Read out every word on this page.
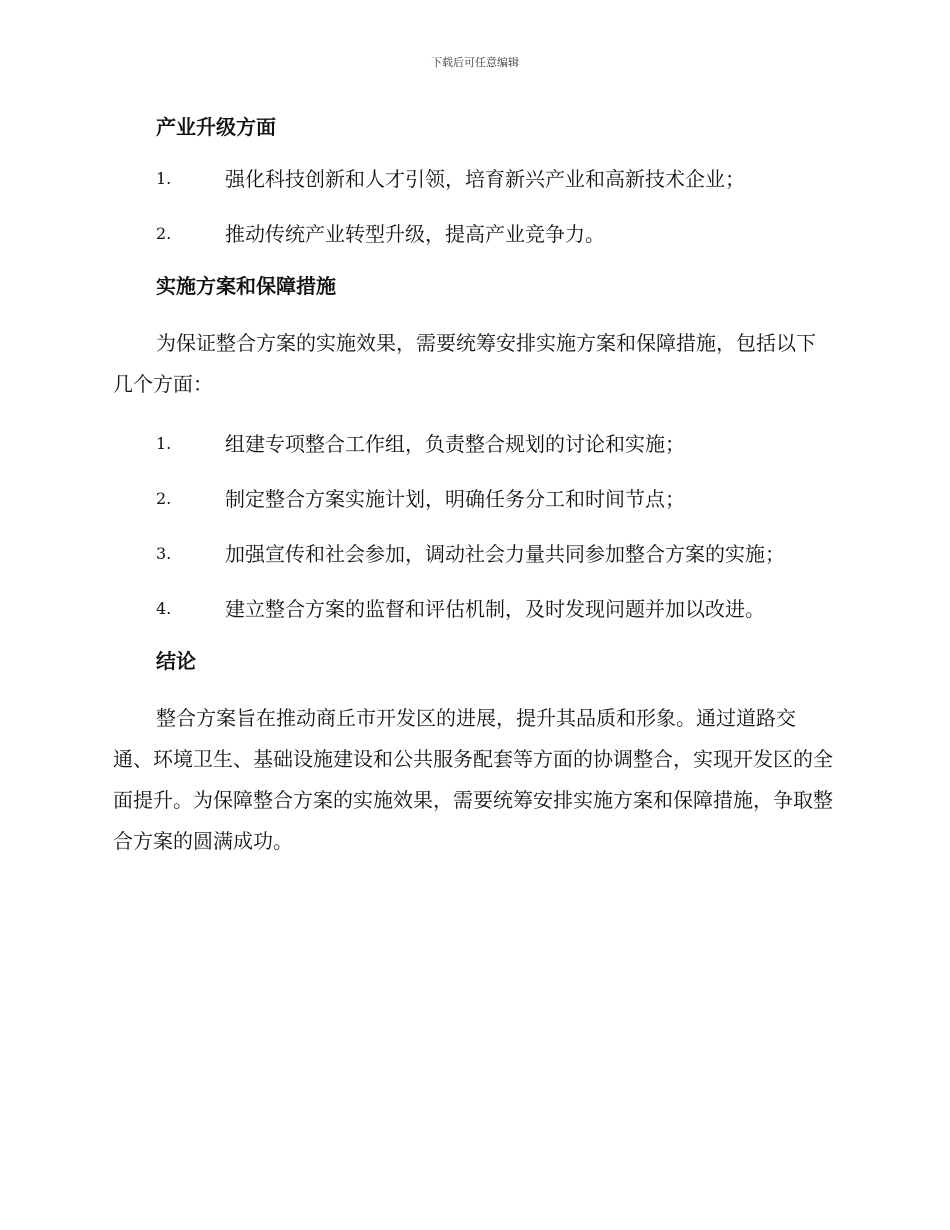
下载后可任意编辑
产业升级方面
1.	强化科技创新和人才引领，培育新兴产业和高新技术企业；
2.	推动传统产业转型升级，提高产业竞争力。
实施方案和保障措施

为保证整合方案的实施效果，需要统筹安排实施方案和保障措施，包括以下几个方面：

1.	组建专项整合工作组，负责整合规划的讨论和实施；
2.	制定整合方案实施计划，明确任务分工和时间节点；
3.	加强宣传和社会参加，调动社会力量共同参加整合方案的实施；
4.	建立整合方案的监督和评估机制，及时发现问题并加以改进。
结论

整合方案旨在推动商丘市开发区的进展，提升其品质和形象。通过道路交通、环境卫生、基础设施建设和公共服务配套等方面的协调整合，实现开发区的全面提升。为保障整合方案的实施效果，需要统筹安排实施方案和保障措施，争取整合方案的圆满成功。
